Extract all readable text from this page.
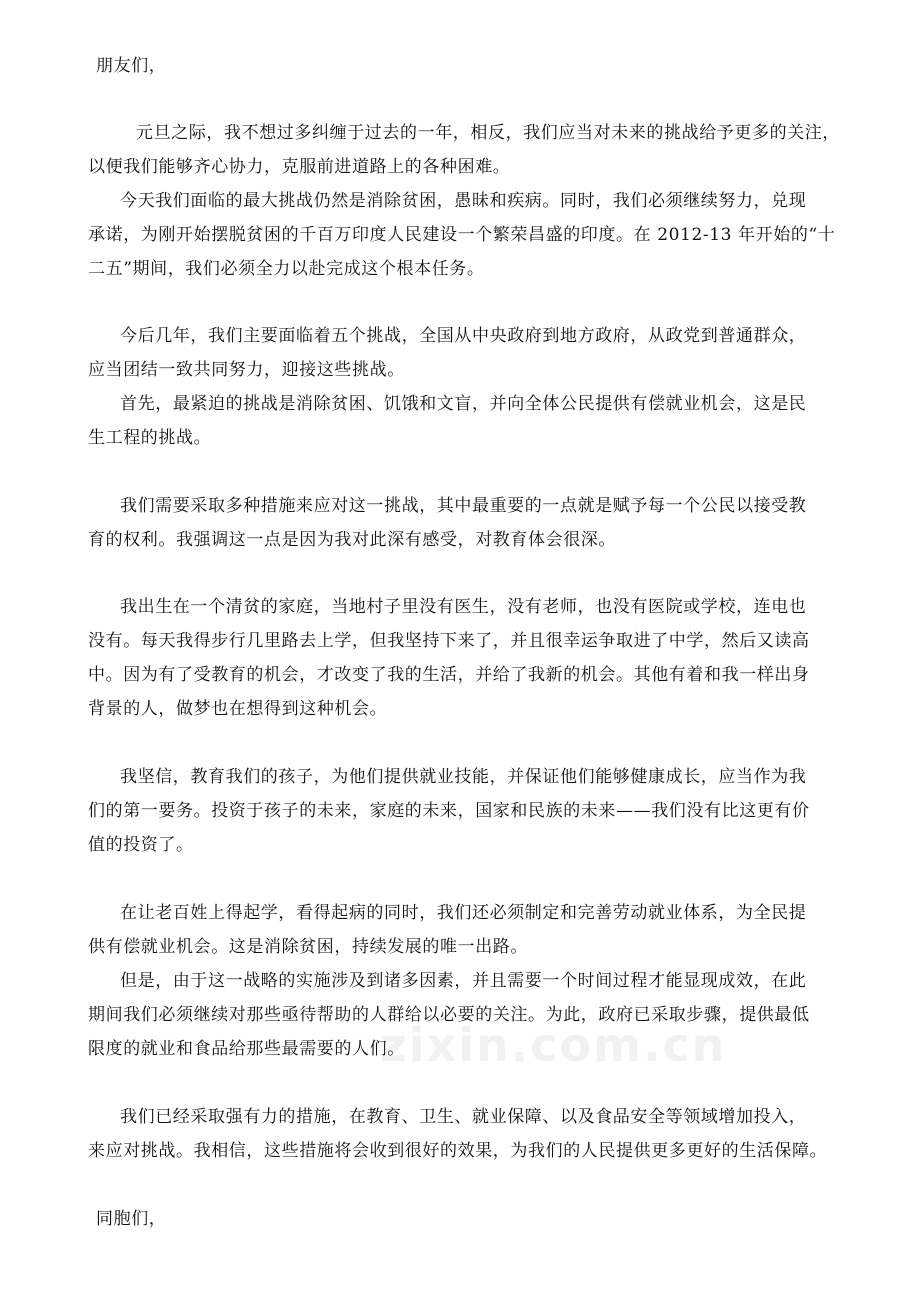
朋友们，
元旦之际，我不想过多纠缠于过去的一年，相反，我们应当对未来的挑战给予更多的关注，
以便我们能够齐心协力，克服前进道路上的各种困难。
今天我们面临的最大挑战仍然是消除贫困，愚昧和疾病。同时，我们必须继续努力，兑现
承诺，为刚开始摆脱贫困的千百万印度人民建设一个繁荣昌盛的印度。在 2012-13 年开始的“十
二五”期间，我们必须全力以赴完成这个根本任务。
今后几年，我们主要面临着五个挑战，全国从中央政府到地方政府，从政党到普通群众，
应当团结一致共同努力，迎接这些挑战。
首先，最紧迫的挑战是消除贫困、饥饿和文盲，并向全体公民提供有偿就业机会，这是民
生工程的挑战。
我们需要采取多种措施来应对这一挑战，其中最重要的一点就是赋予每一个公民以接受教
育的权利。我强调这一点是因为我对此深有感受，对教育体会很深。
我出生在一个清贫的家庭，当地村子里没有医生，没有老师，也没有医院或学校，连电也
没有。每天我得步行几里路去上学，但我坚持下来了，并且很幸运争取进了中学，然后又读高
中。因为有了受教育的机会，才改变了我的生活，并给了我新的机会。其他有着和我一样出身
背景的人，做梦也在想得到这种机会。
我坚信，教育我们的孩子，为他们提供就业技能，并保证他们能够健康成长，应当作为我
们的第一要务。投资于孩子的未来，家庭的未来，国家和民族的未来——我们没有比这更有价
值的投资了。
在让老百姓上得起学，看得起病的同时，我们还必须制定和完善劳动就业体系，为全民提
供有偿就业机会。这是消除贫困，持续发展的唯一出路。
但是，由于这一战略的实施涉及到诸多因素，并且需要一个时间过程才能显现成效，在此
期间我们必须继续对那些亟待帮助的人群给以必要的关注。为此，政府已采取步骤，提供最低
限度的就业和食品给那些最需要的人们。
我们已经采取强有力的措施，在教育、卫生、就业保障、以及食品安全等领域增加投入，
来应对挑战。我相信，这些措施将会收到很好的效果，为我们的人民提供更多更好的生活保障。
同胞们，
zixin.com.cn
